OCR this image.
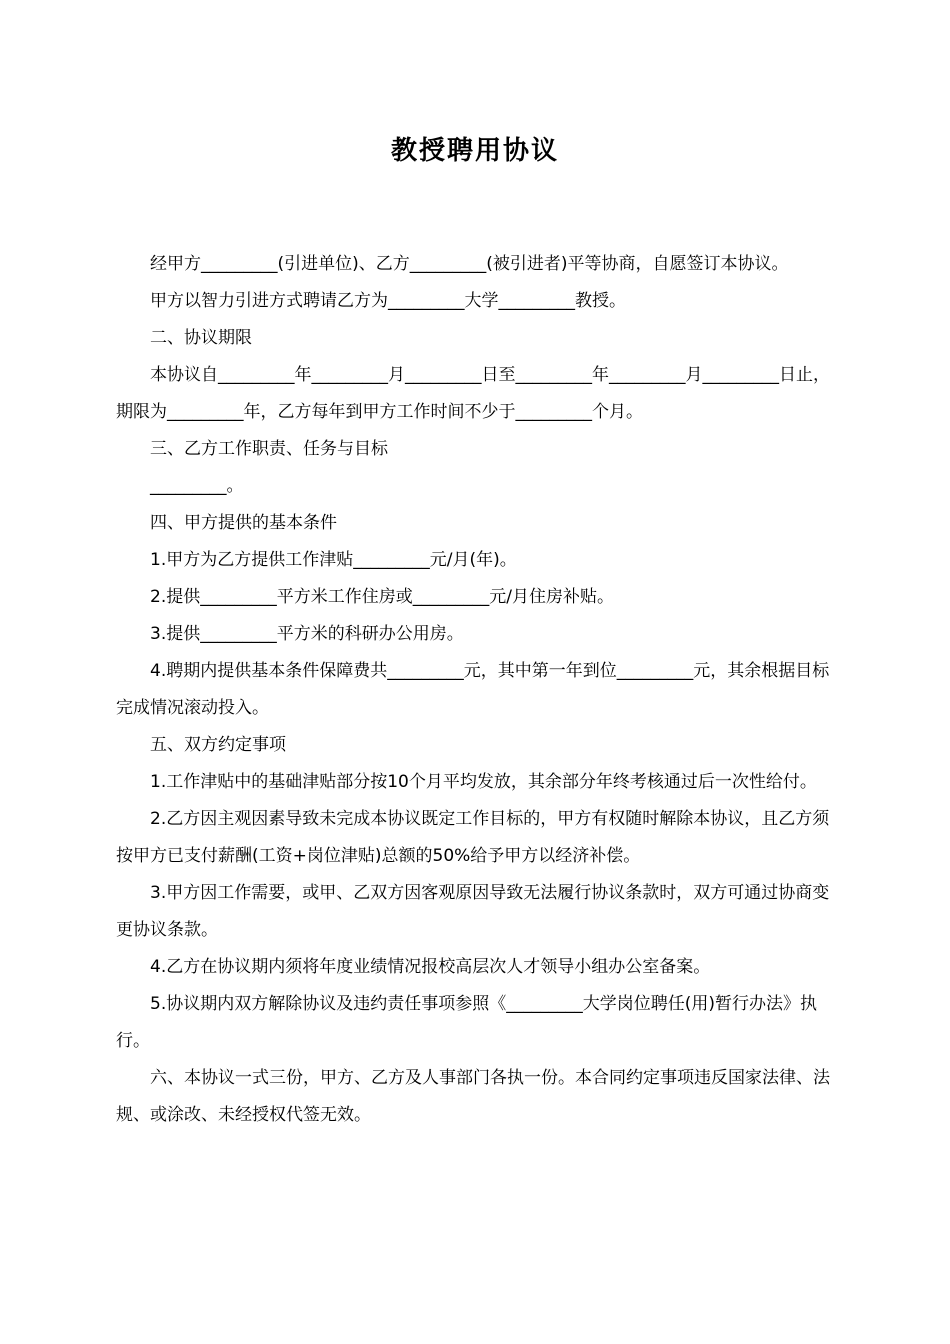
教授聘用协议

经甲方_________(引进单位)、乙方_________(被引进者)平等协商，自愿签订本协议。

甲方以智力引进方式聘请乙方为_________大学_________教授。

二、协议期限

本协议自_________年_________月_________日至_________年_________月_________日止，期限为_________年，乙方每年到甲方工作时间不少于_________个月。

三、乙方工作职责、任务与目标

_________。

四、甲方提供的基本条件

1.甲方为乙方提供工作津贴_________元/月(年)。

2.提供_________平方米工作住房或_________元/月住房补贴。

3.提供_________平方米的科研办公用房。

4.聘期内提供基本条件保障费共_________元，其中第一年到位_________元，其余根据目标完成情况滚动投入。

五、双方约定事项

1.工作津贴中的基础津贴部分按10个月平均发放，其余部分年终考核通过后一次性给付。

2.乙方因主观因素导致未完成本协议既定工作目标的，甲方有权随时解除本协议，且乙方须按甲方已支付薪酬(工资+岗位津贴)总额的50%给予甲方以经济补偿。

3.甲方因工作需要，或甲、乙双方因客观原因导致无法履行协议条款时，双方可通过协商变更协议条款。

4.乙方在协议期内须将年度业绩情况报校高层次人才领导小组办公室备案。

5.协议期内双方解除协议及违约责任事项参照《_________大学岗位聘任(用)暂行办法》执行。

六、本协议一式三份，甲方、乙方及人事部门各执一份。本合同约定事项违反国家法律、法规、或涂改、未经授权代签无效。
